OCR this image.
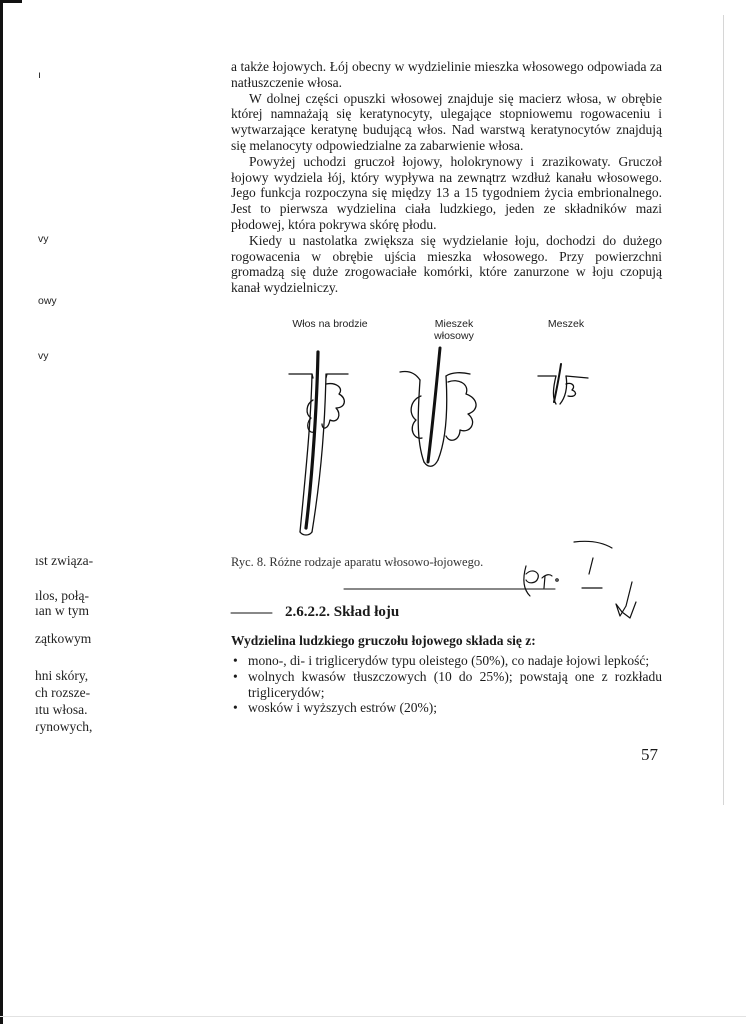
ı
vy
owy
vy
ıst związa-
ılos, połą-
ıan w tym
zątkowym
hni skóry,
ch rozsze-
ıtu włosa.
ɾynowych,

a także łojowych. Łój obecny w wydzielinie mieszka włosowego odpowiada za natłuszczenie włosa.

W dolnej części opuszki włosowej znajduje się macierz włosa, w obrębie której namnażają się keratynocyty, ulegające stopniowemu rogowaceniu i wytwarzające keratynę budującą włos. Nad warstwą keratynocytów znajdują się melanocyty odpowiedzialne za zabarwienie włosa.

Powyżej uchodzi gruczoł łojowy, holokrynowy i zrazikowaty. Gruczoł łojowy wydziela łój, który wypływa na zewnątrz wzdłuż kanału włosowego. Jego funkcja rozpoczyna się między 13 a 15 tygodniem życia embrionalnego. Jest to pierwsza wydzielina ciała ludzkiego, jeden ze składników mazi płodowej, która pokrywa skórę płodu.

Kiedy u nastolatka zwiększa się wydzielanie łoju, dochodzi do dużego rogowacenia w obrębie ujścia mieszka włosowego. Przy powierzchni gromadzą się duże zrogowaciałe komórki, które zanurzone w łoju czopują kanał wydzielniczy.

Włos na brodzie	Mieszek włosowy
Meszek
Ryc. 8. Różne rodzaje aparatu włosowo-łojowego.
2.6.2.2. Skład łoju
Wydzielina ludzkiego gruczołu łojowego składa się z:
• mono-, di- i triglicerydów typu oleistego (50%), co nadaje łojowi lepkość;
• wolnych kwasów tłuszczowych (10 do 25%); powstają one z rozkładu triglicerydów;
• wosków i wyższych estrów (20%);
57
